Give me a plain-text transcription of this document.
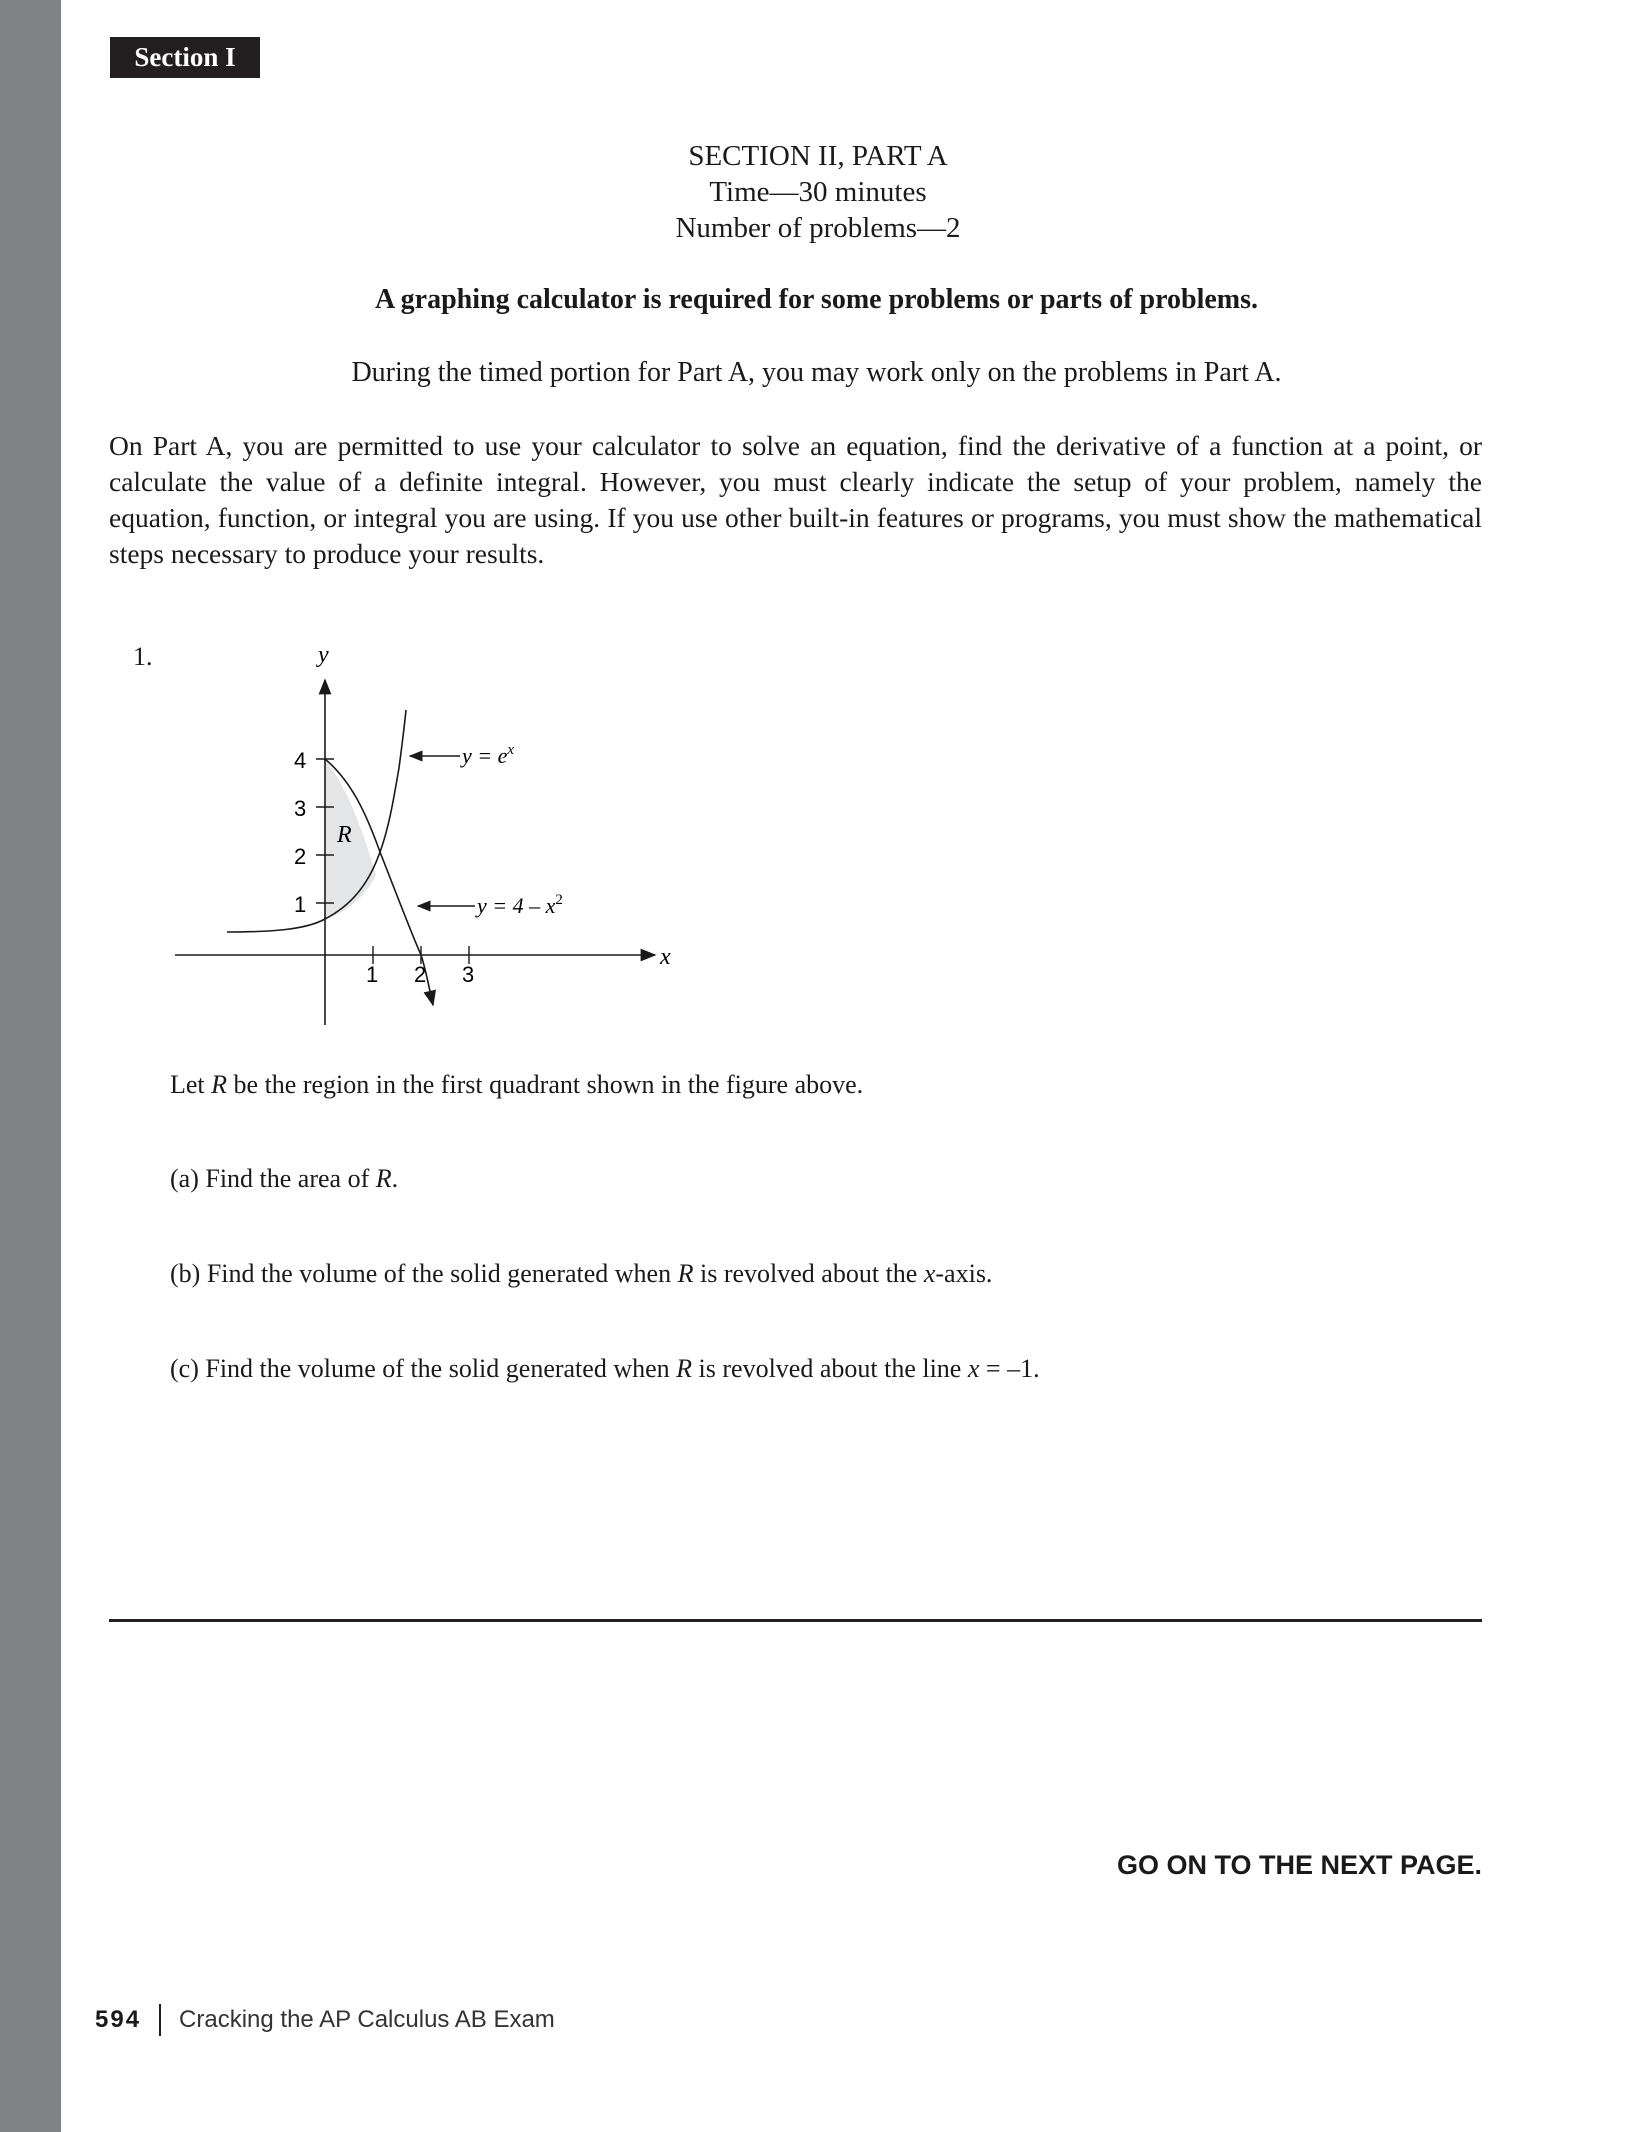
Section I
SECTION II, PART A
Time—30 minutes
Number of problems—2
A graphing calculator is required for some problems or parts of problems.
During the timed portion for Part A, you may work only on the problems in Part A.
On Part A, you are permitted to use your calculator to solve an equation, find the derivative of a function at a point, or calculate the value of a definite integral. However, you must clearly indicate the setup of your problem, namely the equation, function, or integral you are using. If you use other built-in features or programs, you must show the mathematical steps necessary to produce your results.
1.	y
x
4
3
2
1
1 2 3
R
$y = e^x$
$y = 4 - x^2$
Let R be the region in the first quadrant shown in the figure above.
(a) Find the area of R.
(b) Find the volume of the solid generated when R is revolved about the x-axis.
(c) Find the volume of the solid generated when R is revolved about the line x = –1.
GO ON TO THE NEXT PAGE.
594 Cracking the AP Calculus AB Exam
